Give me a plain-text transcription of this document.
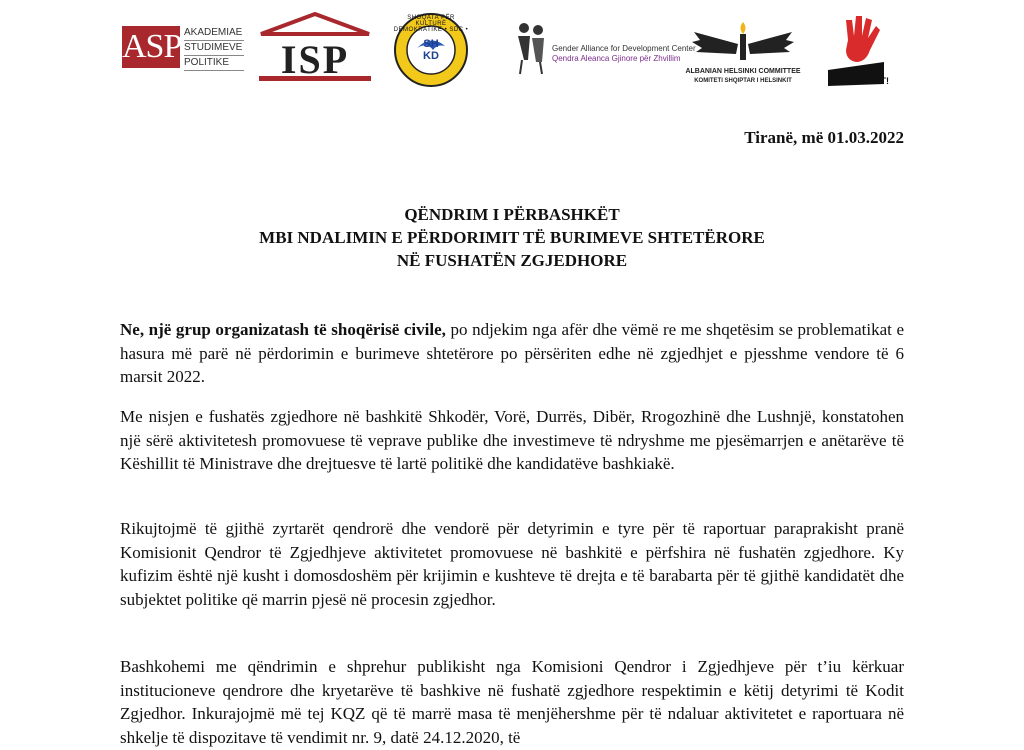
ASP AKADEMIAE
STUDIMEVE
POLITIKE	ISP
SHOQATA PËR KULTURË DEMOKRATIKE • SDC •
SH
KD
Gender Alliance for Development Center
Qendra Aleanca Gjinore për Zhvillim
ALBANIAN HELSINKI COMMITTEE
KOMITETI SHQIPTAR I HELSINKIT	MJAFT!
Tiranë, më 01.03.2022
QËNDRIM I PËRBASHKËT
MBI NDALIMIN E PËRDORIMIT TË BURIMEVE SHTETËRORE
NË FUSHATËN ZGJEDHORE

Ne, një grup organizatash të shoqërisë civile, po ndjekim nga afër dhe vëmë re me shqetësim se problematikat e hasura më parë në përdorimin e burimeve shtetërore po përsëriten edhe në zgjedhjet e pjesshme vendore të 6 marsit 2022.

Me nisjen e fushatës zgjedhore në bashkitë Shkodër, Vorë, Durrës, Dibër, Rrogozhinë dhe Lushnjë, konstatohen një sërë aktivitetesh promovuese të veprave publike dhe investimeve të ndryshme me pjesëmarrjen e anëtarëve të Këshillit të Ministrave dhe drejtuesve të lartë politikë dhe kandidatëve bashkiakë.

Rikujtojmë të gjithë zyrtarët qendrorë dhe vendorë për detyrimin e tyre për të raportuar paraprakisht pranë Komisionit Qendror të Zgjedhjeve aktivitetet promovuese në bashkitë e përfshira në fushatën zgjedhore. Ky kufizim është një kusht i domosdoshëm për krijimin e kushteve të drejta e të barabarta për të gjithë kandidatët dhe subjektet politike që marrin pjesë në procesin zgjedhor.

Bashkohemi me qëndrimin e shprehur publikisht nga Komisioni Qendror i Zgjedhjeve për t’iu kërkuar institucioneve qendrore dhe kryetarëve të bashkive në fushatë zgjedhore respektimin e këtij detyrimi të Kodit Zgjedhor. Inkurajojmë më tej KQZ që të marrë masa të menjëhershme për të ndaluar aktivitetet e raportuara në shkelje të dispozitave të vendimit nr. 9, datë 24.12.2020, të
